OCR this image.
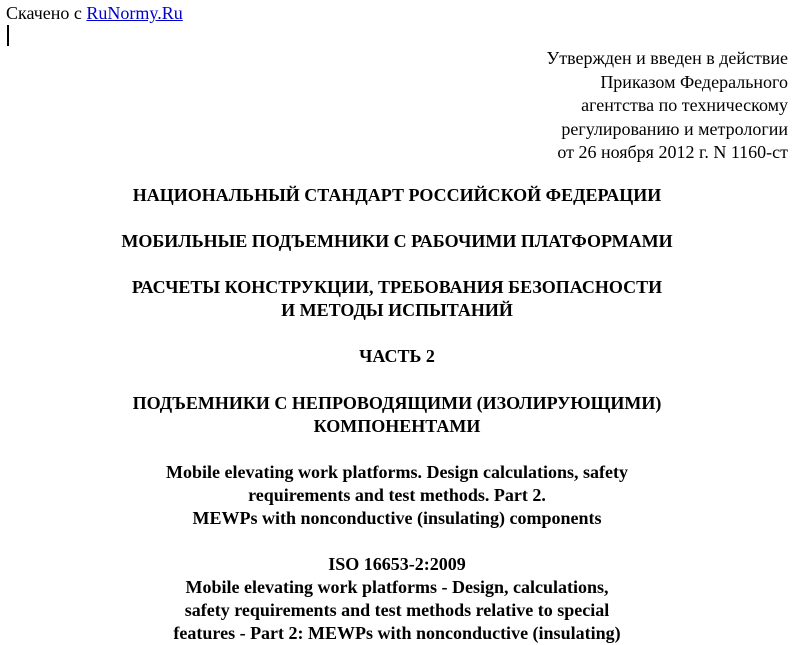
Скачено с RuNormy.Ru
Утвержден и введен в действие
Приказом Федерального
агентства по техническому
регулированию и метрологии
от 26 ноября 2012 г. N 1160-ст
НАЦИОНАЛЬНЫЙ СТАНДАРТ РОССИЙСКОЙ ФЕДЕРАЦИИ
МОБИЛЬНЫЕ ПОДЪЕМНИКИ С РАБОЧИМИ ПЛАТФОРМАМИ
РАСЧЕТЫ КОНСТРУКЦИИ, ТРЕБОВАНИЯ БЕЗОПАСНОСТИ
И МЕТОДЫ ИСПЫТАНИЙ
ЧАСТЬ 2
ПОДЪЕМНИКИ С НЕПРОВОДЯЩИМИ (ИЗОЛИРУЮЩИМИ)
КОМПОНЕНТАМИ
Mobile elevating work platforms. Design calculations, safety
requirements and test methods. Part 2.
MEWPs with nonconductive (insulating) components
ISO 16653-2:2009
Mobile elevating work platforms - Design, calculations,
safety requirements and test methods relative to special
features - Part 2: MEWPs with nonconductive (insulating)
